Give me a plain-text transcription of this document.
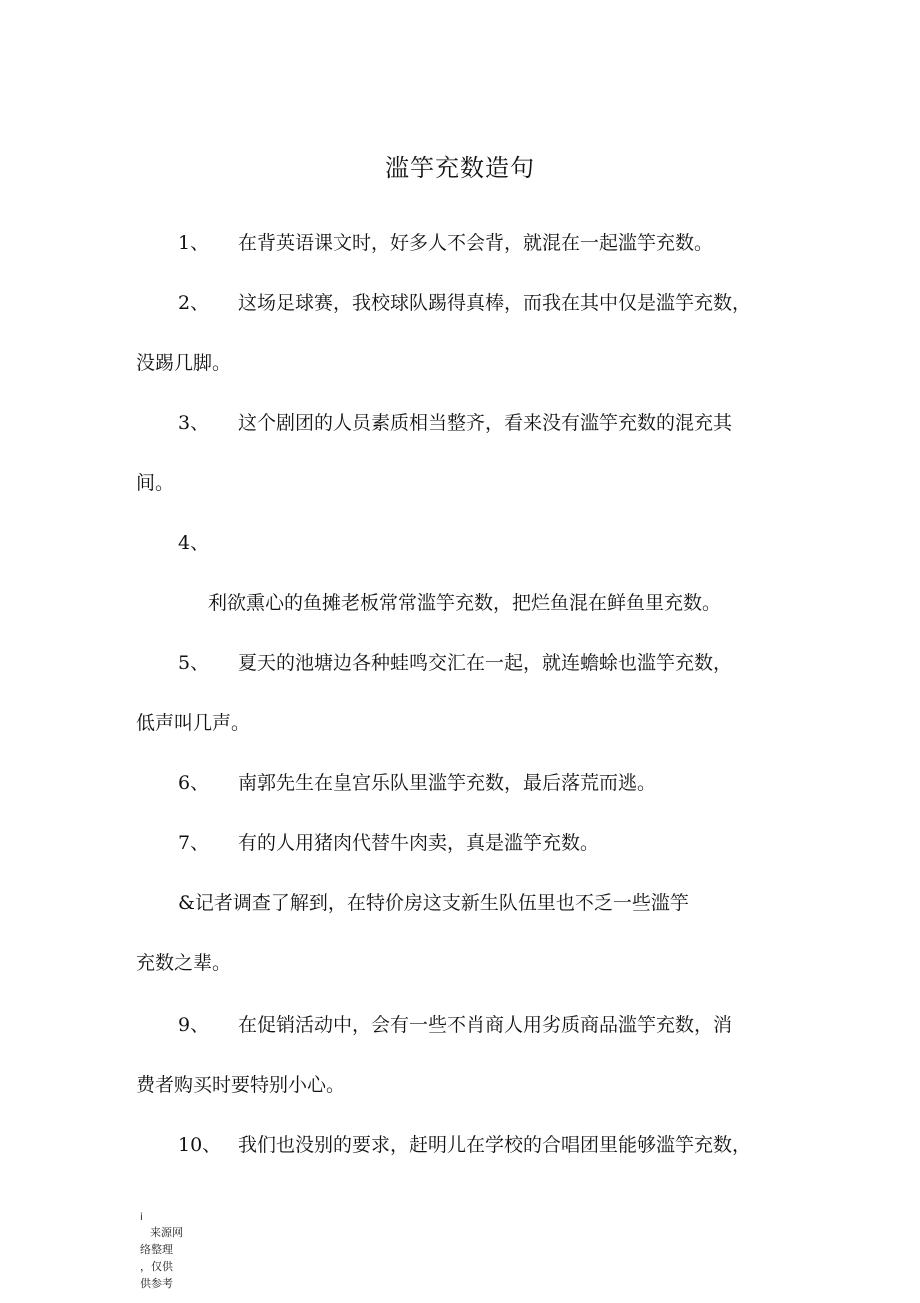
滥竽充数造句
1、 在背英语课文时，好多人不会背，就混在一起滥竽充数。
2、 这场足球赛，我校球队踢得真棒，而我在其中仅是滥竽充数，
没踢几脚。
3、 这个剧团的人员素质相当整齐，看来没有滥竽充数的混充其
间。
4、
利欲熏心的鱼摊老板常常滥竽充数，把烂鱼混在鲜鱼里充数。
5、 夏天的池塘边各种蛙鸣交汇在一起，就连蟾蜍也滥竽充数，
低声叫几声。
6、 南郭先生在皇宫乐队里滥竽充数，最后落荒而逃。
7、 有的人用猪肉代替牛肉卖，真是滥竽充数。
&记者调查了解到，在特价房这支新生队伍里也不乏一些滥竽
充数之辈。
9、 在促销活动中，会有一些不肖商人用劣质商品滥竽充数，消
费者购买时要特别小心。
10、 我们也没别的要求，赶明儿在学校的合唱团里能够滥竽充数，
i
来源网
络整理
，仅供
供参考
